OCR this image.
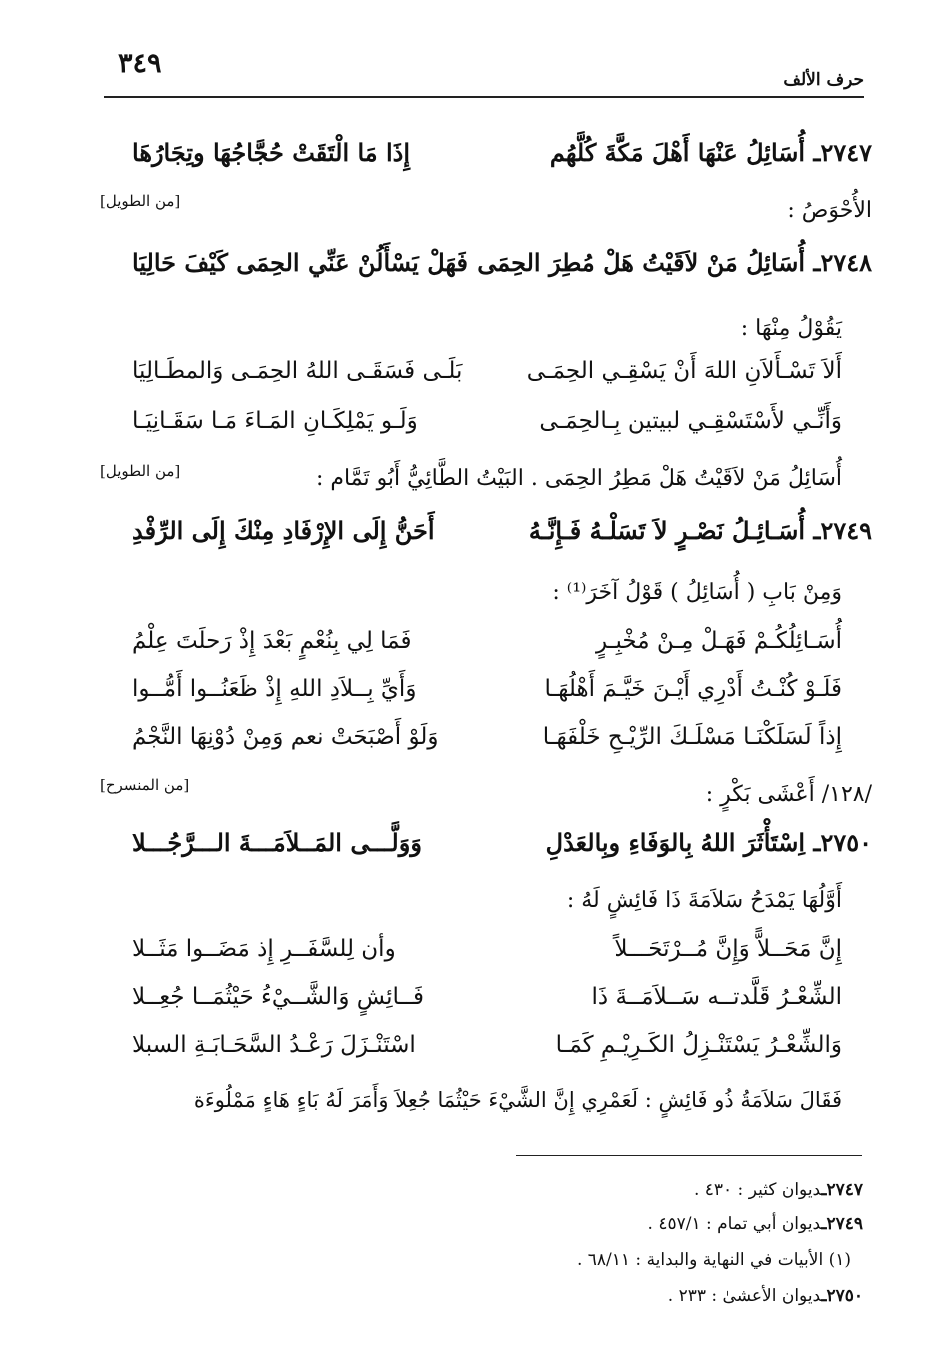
حرف الألف
٣٤٩
٢٧٤٧ـ أُسَائِلُ عَنْهَا أَهْلَ مَكَّةَ كُلَّهُم
إِذَا مَا الْتَقَتْ حُجَّاجُهَا وتِجَارُهَا
الأُحْوَصُ :
[من الطويل]
٢٧٤٨ـ أُسَائِلُ مَنْ لاَقَيْتُ هَلْ مُطِرَ الحِمَى
فَهَلْ يَسْأَلُنْ عَنِّي الحِمَى كَيْفَ حَالِيَا
يَقُوْلُ مِنْهَا :
أَلاَ تَسْـأَلاَنِ اللهَ أَنْ يَسْقِـي الحِمَـى
بَلَـى فَسَقَـى اللهُ الحِمَـى وَالمطَـالِيَا
وَأَنِّـي لأَسْتَسْقِـي لبيتين بِـالحِمَـى
وَلَـو يَمْلِكَـانِ المَـاءَ مَـا سَقَـانِيَـا
أُسَائِلُ مَنْ لاَقَيْتُ هَلْ مَطِرُ الحِمَى . البَيْتُ الطَّائِيُّ أَبُو تَمَّام :
[من الطويل]
٢٧٤٩ـ أُسَـائِـلُ نَصْـرٍ لاَ تَسَلْـهُ فَـإِنَّـهُ
أَحَنُّ إِلَى الإِرْفَادِ مِنْكَ إِلَى الرِّفْدِ
وَمِنْ بَابِ ( أُسَائِلُ ) قَوْلُ آخَرَ⁽¹⁾ :
أُسَـائِلُكُـمْ فَهَـلْ مِـنْ مُخْبِـرٍ
فَمَا لِي بِنُعْمٍ بَعْدَ إِذْ رَحلَتَ عِلْمُ
فَلَـوْ كُنْـتُ أَدْرِي أَيْـنَ خَيَّـمَ أَهْلُهَـا
وَأَيِّ بِــلاَدِ اللهِ إِذْ ظَعَنُــوا أَمُّــوا
إِذاً لَسَلَكْنَـا مَسْلَـكَ الرِّيْـحِ خَلْفَهَـا
وَلَوْ أَصْبَحَتْ نعم وَمِنْ دُوْنِهَا النَّجْمُ
/١٢٨/ أَعْشَى بَكْرٍ :
[من المنسرح]
٢٧٥٠ـ اِسْتَأْثَرَ اللهُ بِالوَفَاءِ وبِالعَدْلِ
وَوَلَّـــى المَــلاَمَـــةَ الـــرَّجُـــلا
أَوَّلُهَا يَمْدَحُ سَلاَمَةَ ذَا فَائِشٍ لَهُ :
إِنَّ مَحَــلاًّ وَإِنَّ مُــرْتَحَـــلاً
وأن لِلسَّفَــرِ إِذ مَضَــوا مَثَــلا
الشِّعْـرُ قَلَّدتــه سَــلاَمَــةَ ذَا
فَــائِشٍ وَالشَّــيْءُ حَيْثُمَــا جُعِــلا
وَالشِّعْـرُ يَسْتَنْـزِلُ الكَـرِيْـمِ كَمَـا
اسْتَنْـزَلَ رَعْـدُ السَّحَـابَـةِ السبلا
فَقَالَ سَلاَمَةُ ذُو فَائِشٍ : لَعَمْرِي إِنَّ الشَّيْءَ حَيْثُمَا جُعِلاَ وَأَمَرَ لَهُ بَاءٍ هَاءٍ مَمْلُوءَة
٢٧٤٧ـديوان كثير : ٤٣٠ .
٢٧٤٩ـديوان أبي تمام : ٤٥٧/١ .
(١) الأبيات في النهاية والبداية : ٦٨/١١ .
٢٧٥٠ـديوان الأعشىٰ : ٢٣٣ .
